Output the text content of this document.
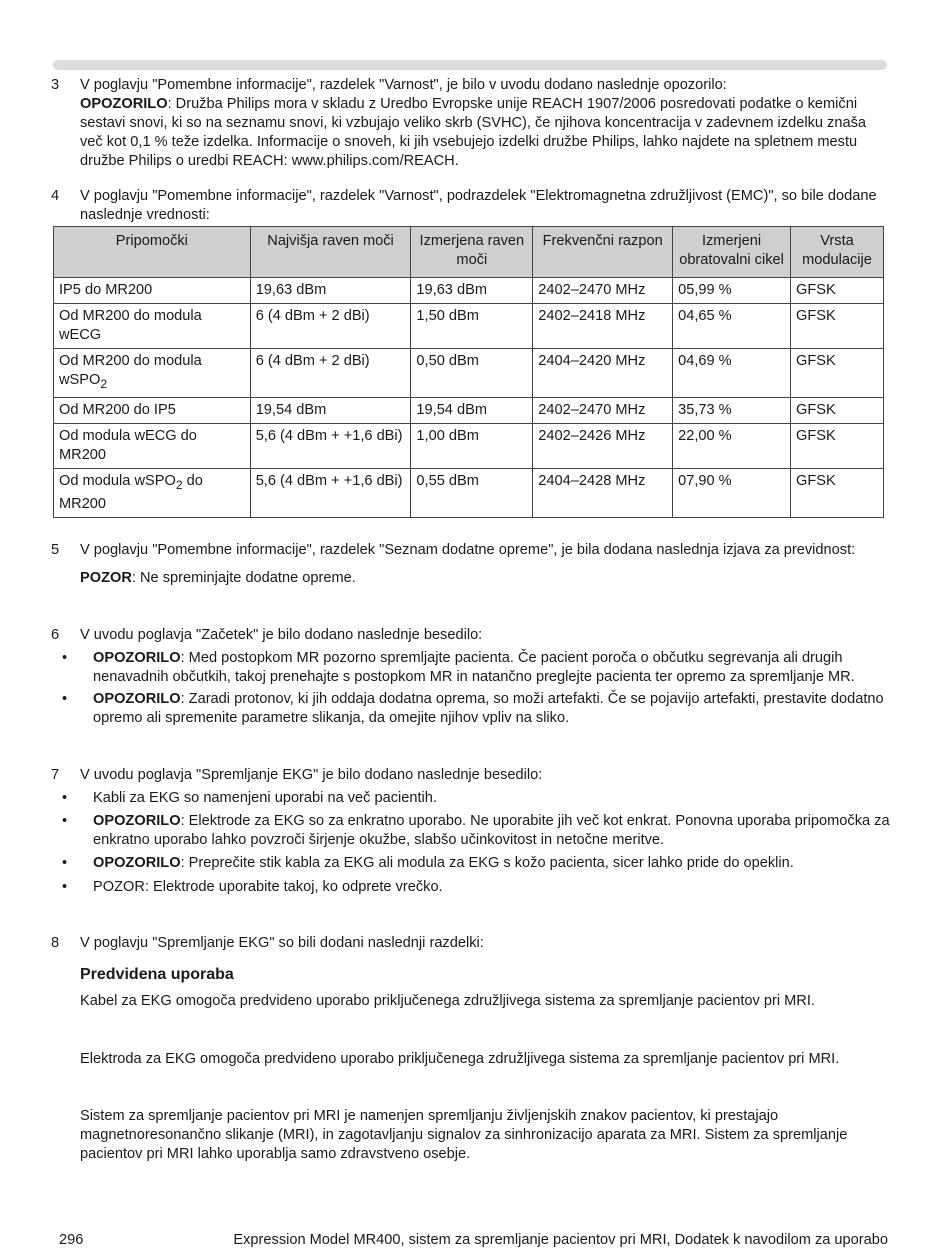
3 V poglavju "Pomembne informacije", razdelek "Varnost", je bilo v uvodu dodano naslednje opozorilo:

OPOZORILO: Družba Philips mora v skladu z Uredbo Evropske unije REACH 1907/2006 posredovati podatke o kemični sestavi snovi, ki so na seznamu snovi, ki vzbujajo veliko skrb (SVHC), če njihova koncentracija v zadevnem izdelku znaša več kot 0,1 % teže izdelka. Informacije o snoveh, ki jih vsebujejo izdelki družbe Philips, lahko najdete na spletnem mestu družbe Philips o uredbi REACH: www.philips.com/REACH.

4 V poglavju "Pomembne informacije", razdelek "Varnost", podrazdelek "Elektromagnetna združljivost (EMC)", so bile dodane naslednje vrednosti:
Pripomočki	Najvišja raven moči	Izmerjena raven moči	Frekvenčni razpon	Izmerjeni obratovalni cikel	Vrsta modulacije
IP5 do MR200	19,63 dBm	19,63 dBm	2402–2470 MHz	05,99 %	GFSK
Od MR200 do modula wECG	6 (4 dBm + 2 dBi)	1,50 dBm	2402–2418 MHz	04,65 %	GFSK
Od MR200 do modula wSPO$_2$	6 (4 dBm + 2 dBi)	0,50 dBm	2404–2420 MHz	04,69 %	GFSK
Od MR200 do IP5	19,54 dBm	19,54 dBm	2402–2470 MHz	35,73 %	GFSK
Od modula wECG do MR200	5,6 (4 dBm + +1,6 dBi)	1,00 dBm	2402–2426 MHz	22,00 %	GFSK
Od modula wSPO$_2$ do MR200	5,6 (4 dBm + +1,6 dBi)	0,55 dBm	2404–2428 MHz	07,90 %	GFSK
5 V poglavju "Pomembne informacije", razdelek "Seznam dodatne opreme", je bila dodana naslednja izjava za previdnost:
POZOR: Ne spreminjajte dodatne opreme.
6 V uvodu poglavja "Začetek" je bilo dodano naslednje besedilo:
• OPOZORILO: Med postopkom MR pozorno spremljajte pacienta. Če pacient poroča o občutku segrevanja ali drugih nenavadnih občutkih, takoj prenehajte s postopkom MR in natančno preglejte pacienta ter opremo za spremljanje MR.
• OPOZORILO: Zaradi protonov, ki jih oddaja dodatna oprema, so moži artefakti. Če se pojavijo artefakti, prestavite dodatno opremo ali spremenite parametre slikanja, da omejite njihov vpliv na sliko.
7 V uvodu poglavja "Spremljanje EKG" je bilo dodano naslednje besedilo:
• Kabli za EKG so namenjeni uporabi na več pacientih.
• OPOZORILO: Elektrode za EKG so za enkratno uporabo. Ne uporabite jih več kot enkrat. Ponovna uporaba pripomočka za enkratno uporabo lahko povzroči širjenje okužbe, slabšo učinkovitost in netočne meritve.
• OPOZORILO: Preprečite stik kabla za EKG ali modula za EKG s kožo pacienta, sicer lahko pride do opeklin.
• POZOR: Elektrode uporabite takoj, ko odprete vrečko.
8 V poglavju "Spremljanje EKG" so bili dodani naslednji razdelki:
Predvidena uporaba
Kabel za EKG omogoča predvideno uporabo priključenega združljivega sistema za spremljanje pacientov pri MRI.
Elektroda za EKG omogoča predvideno uporabo priključenega združljivega sistema za spremljanje pacientov pri MRI.
Sistem za spremljanje pacientov pri MRI je namenjen spremljanju življenjskih znakov pacientov, ki prestajajo magnetnoresonančno slikanje (MRI), in zagotavljanju signalov za sinhronizacijo aparata za MRI. Sistem za spremljanje pacientov pri MRI lahko uporablja samo zdravstveno osebje.
296	Expression Model MR400, sistem za spremljanje pacientov pri MRI, Dodatek k navodilom za uporabo
